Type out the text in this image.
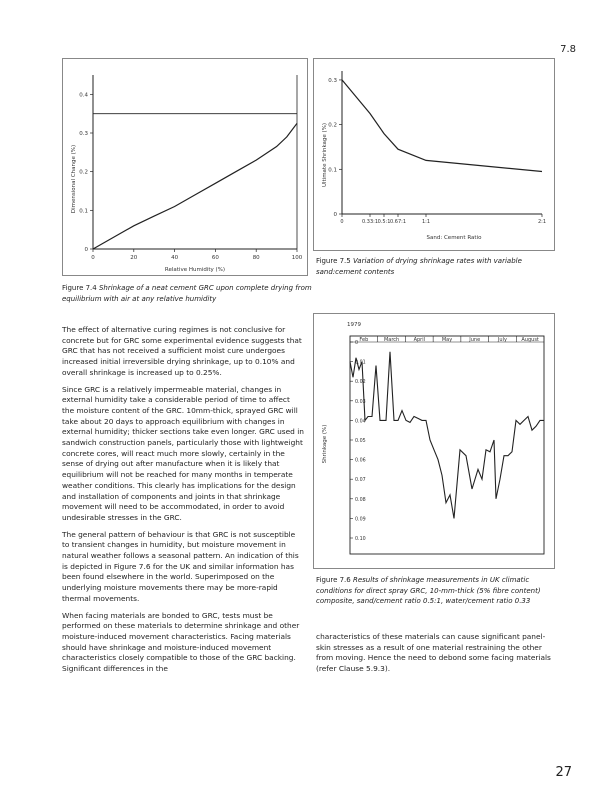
7.8
0	20	40	60	80	100
0
0.1
0.2
0.3
0.4
Relative Humidity (%)
Dimensional Change (%)
Figure 7.4 Shrinkage of a neat cement GRC upon complete drying from equilibrium with air at any relative humidity
0	0.33:1 0.5:1 0.67:1	1:1	2:1
0
0.1
0.2
0.3
Sand: Cement Ratio
Ultimate Shrinkage (%)
Figure 7.5 Variation of drying shrinkage rates with variable sand:cement contents
1979
0
0.01
0.02
0.03
0.04
0.05
0.06
0.07
0.08
0.09
0.10
Feb	March	April	May	June	July	August
Shrinkage (%)
Figure 7.6 Results of shrinkage measurements in UK climatic conditions for direct spray GRC, 10-mm-thick (5% fibre content) composite, sand/cement ratio 0.5:1, water/cement ratio 0.33

The effect of alternative curing regimes is not conclusive for concrete but for GRC some experimental evidence suggests that GRC that has not received a sufficient moist cure undergoes increased initial irreversible drying shrinkage, up to 0.10% and overall shrinkage is increased up to 0.25%.

Since GRC is a relatively impermeable material, changes in external humidity take a considerable period of time to affect the moisture content of the GRC. 10mm-thick, sprayed GRC will take about 20 days to approach equilibrium with changes in external humidity; thicker sections take even longer. GRC used in sandwich construction panels, particularly those with lightweight concrete cores, will react much more slowly, certainly in the sense of drying out after manufacture when it is likely that equilibrium will not be reached for many months in temperate weather conditions. This clearly has implications for the design and installation of components and joints in that shrinkage movement will need to be accommodated, in order to avoid undesirable stresses in the GRC.

The general pattern of behaviour is that GRC is not susceptible to transient changes in humidity, but moisture movement in natural weather follows a seasonal pattern. An indication of this is depicted in Figure 7.6 for the UK and similar information has been found elsewhere in the world. Superimposed on the underlying moisture movements there may be more-rapid thermal movements.

When facing materials are bonded to GRC, tests must be performed on these materials to determine shrinkage and other moisture-induced movement characteristics. Facing materials should have shrinkage and moisture-induced movement characteristics closely compatible to those of the GRC backing. Significant differences in the

characteristics of these materials can cause significant panel-skin stresses as a result of one material restraining the other from moving. Hence the need to debond some facing materials (refer Clause 5.9.3).

27
